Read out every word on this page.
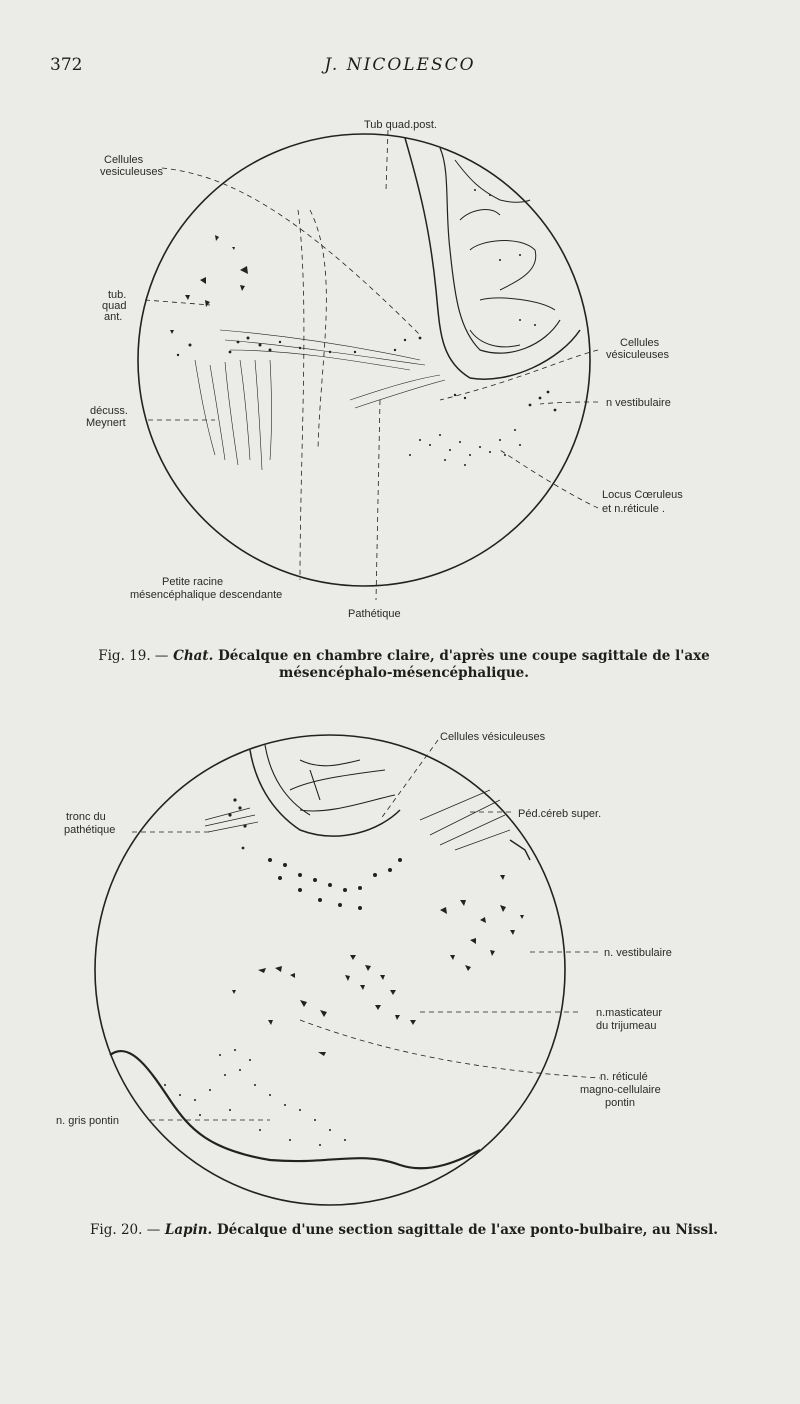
372	J. NICOLESCO
Tub quad.post.
Cellules
vesiculeuses
tub.
quad
ant.
décuss.
Meynert
Cellules
vésiculeuses
n vestibulaire
Locus Cœruleus
et n.réticule .
Petite racine
mésencéphalique descendante
Pathétique
Fig. 19. — Chat. Décalque en chambre claire, d'après une coupe sagittale de l'axe mésencéphalo-mésencéphalique.
Cellules vésiculeuses
tronc du
pathétique
Péd.céreb super.
n. vestibulaire
n.masticateur
du trijumeau
n. réticulé
magno-cellulaire
pontin
n. gris pontin
Fig. 20. — Lapin. Décalque d'une section sagittale de l'axe ponto-bulbaire, au Nissl.
